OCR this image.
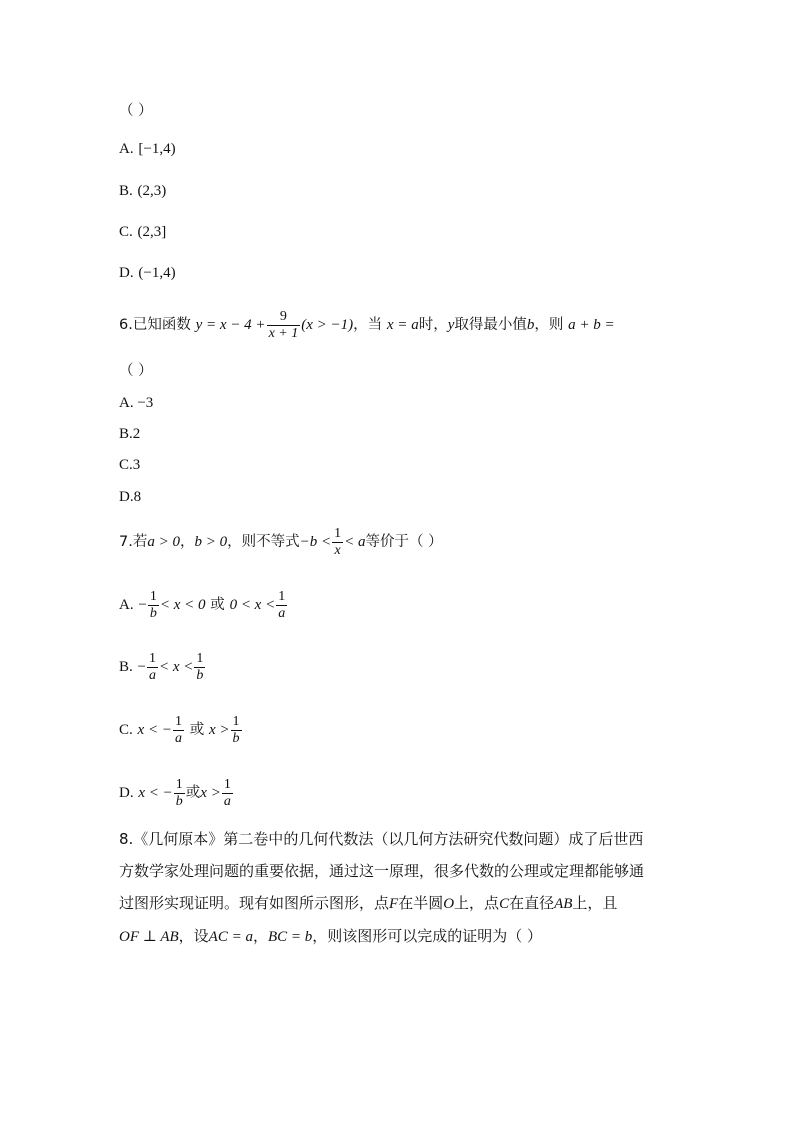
（ ）
A. [−1,4)
B. (2,3)
C. (2,3]
D. (−1,4)
6.已知函数 $y = x - 4 + \frac{9}{x + 1} (x > -1)$，当 x = a时，y取得最小值b，则 a + b =
（ ）
A. −3
B.2
C.3
D.8
7.若a > 0，b > 0，则不等式$-b < \frac{1}{x} < a$等价于（ ）
A. − $\frac{1}{b} < x < 0$ 或 $0 < x < \frac{1}{a}$
B. − $\frac{1}{a} < x < \frac{1}{b}$
C. x < − $\frac{1}{a}$ 或 $x > \frac{1}{b}$
D. x < − $\frac{1}{b}$ 或$x > \frac{1}{a}$
8.《几何原本》第二卷中的几何代数法（以几何方法研究代数问题）成了后世西
方数学家处理问题的重要依据，通过这一原理，很多代数的公理或定理都能够通
过图形实现证明。现有如图所示图形，点F在半圆O上，点C在直径AB上，且
OF ⊥ AB，设AC = a，BC = b，则该图形可以完成的证明为（ ）
